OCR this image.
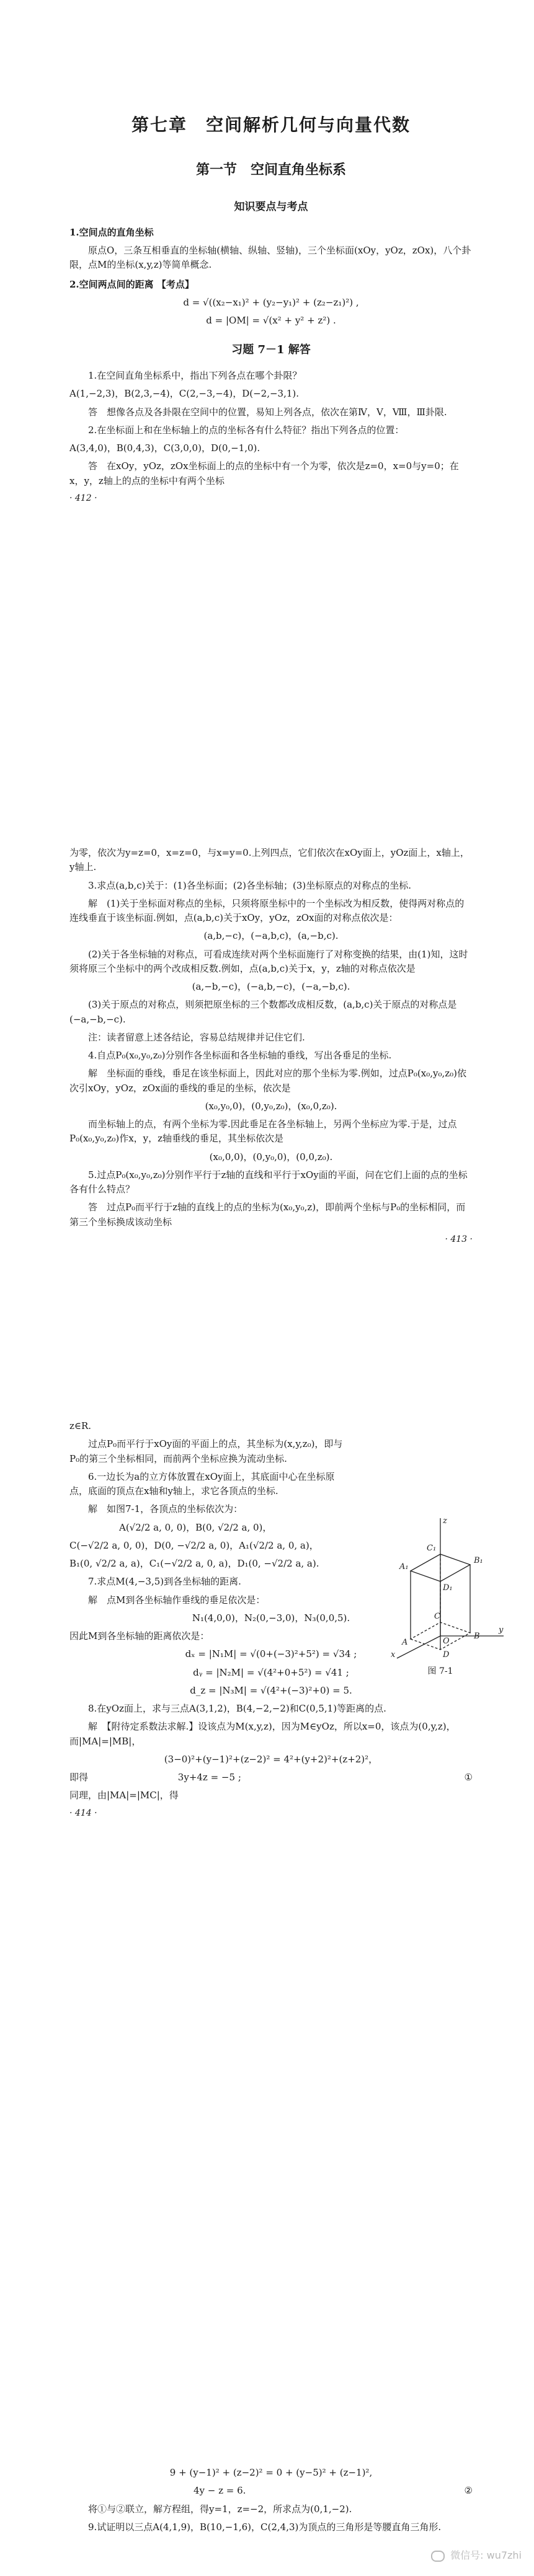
第七章　空间解析几何与向量代数
第一节　空间直角坐标系
知识要点与考点
1.空间点的直角坐标
原点O，三条互相垂直的坐标轴(横轴、纵轴、竖轴)，三个坐标面(xOy，yOz，zOx)，八个卦限，点M的坐标(x,y,z)等简单概念.
2.空间两点间的距离 【考点】
d = √((x₂−x₁)² + (y₂−y₁)² + (z₂−z₁)²) ,
d = |OM| = √(x² + y² + z²) .
习题 7－1 解答
1.在空间直角坐标系中，指出下列各点在哪个卦限？
A(1,−2,3)，B(2,3,−4)，C(2,−3,−4)，D(−2,−3,1).
答　想像各点及各卦限在空间中的位置，易知上列各点，依次在第Ⅳ，Ⅴ，Ⅷ，Ⅲ卦限.
2.在坐标面上和在坐标轴上的点的坐标各有什么特征？指出下列各点的位置：
A(3,4,0)，B(0,4,3)，C(3,0,0)，D(0,−1,0).
答　在xOy，yOz，zOx坐标面上的点的坐标中有一个为零，依次是z=0，x=0与y=0；在x，y，z轴上的点的坐标中有两个坐标
· 412 ·
为零，依次为y=z=0，x=z=0，与x=y=0.上列四点，它们依次在xOy面上，yOz面上，x轴上，y轴上.
3.求点(a,b,c)关于：(1)各坐标面；(2)各坐标轴；(3)坐标原点的对称点的坐标.
解　(1)关于坐标面对称点的坐标，只须将原坐标中的一个坐标改为相反数，使得两对称点的连线垂直于该坐标面.例如，点(a,b,c)关于xOy，yOz，zOx面的对称点依次是：
(a,b,−c)，(−a,b,c)，(a,−b,c).
(2)关于各坐标轴的对称点，可看成连续对两个坐标面施行了对称变换的结果，由(1)知，这时须将原三个坐标中的两个改成相反数.例如，点(a,b,c)关于x，y，z轴的对称点依次是
(a,−b,−c)，(−a,b,−c)，(−a,−b,c).
(3)关于原点的对称点，则须把原坐标的三个数都改成相反数，(a,b,c)关于原点的对称点是(−a,−b,−c).
注：读者留意上述各结论，容易总结规律并记住它们.
4.自点P₀(x₀,y₀,z₀)分别作各坐标面和各坐标轴的垂线，写出各垂足的坐标.
解　坐标面的垂线，垂足在该坐标面上，因此对应的那个坐标为零.例如，过点P₀(x₀,y₀,z₀)依次引xOy，yOz，zOx面的垂线的垂足的坐标，依次是
(x₀,y₀,0)，(0,y₀,z₀)，(x₀,0,z₀).
而坐标轴上的点，有两个坐标为零.因此垂足在各坐标轴上，另两个坐标应为零.于是，过点P₀(x₀,y₀,z₀)作x，y，z轴垂线的垂足，其坐标依次是
(x₀,0,0)，(0,y₀,0)，(0,0,z₀).
5.过点P₀(x₀,y₀,z₀)分别作平行于z轴的直线和平行于xOy面的平面，问在它们上面的点的坐标各有什么特点？
答　过点P₀而平行于z轴的直线上的点的坐标为(x₀,y₀,z)，即前两个坐标与P₀的坐标相同，而第三个坐标换成该动坐标
· 413 ·
z∈R.
过点P₀而平行于xOy面的平面上的点，其坐标为(x,y,z₀)，即与P₀的第三个坐标相同，而前两个坐标应换为流动坐标.
6.一边长为a的立方体放置在xOy面上，其底面中心在坐标原点，底面的顶点在x轴和y轴上，求它各顶点的坐标.
解　如图7-1，各顶点的坐标依次为：
A(√2/2 a, 0, 0)，B(0, √2/2 a, 0)，
C(−√2/2 a, 0, 0)，D(0, −√2/2 a, 0)，A₁(√2/2 a, 0, a)，
B₁(0, √2/2 a, a)，C₁(−√2/2 a, 0, a)，D₁(0, −√2/2 a, a).
7.求点M(4,−3,5)到各坐标轴的距离.
解　点M到各坐标轴作垂线的垂足依次是：
N₁(4,0,0)，N₂(0,−3,0)，N₃(0,0,5).
因此M到各坐标轴的距离依次是：
dₓ = |N₁M| = √(0+(−3)²+5²) = √34 ;
dᵧ = |N₂M| = √(4²+0+5²) = √41 ;
d_z = |N₃M| = √(4²+(−3)²+0) = 5.
8.在yOz面上，求与三点A(3,1,2)，B(4,−2,−2)和C(0,5,1)等距离的点.
解　【附待定系数法求解.】设该点为M(x,y,z)，因为M∈yOz，所以x=0，该点为(0,y,z)，而|MA|=|MB|，
(3−0)²+(y−1)²+(z−2)² = 4²+(y+2)²+(z+2)²，
即得	3y+4z = −5 ;	①
同理，由|MA|=|MC|，得
· 414 ·
z
y
x
O
A
B
C
D
A₁
B₁
C₁
D₁
图 7-1
9 + (y−1)² + (z−2)² = 0 + (y−5)² + (z−1)²,
4y − z = 6.	②
将①与②联立，解方程组，得y=1，z=−2，所求点为(0,1,−2).
9.试证明以三点A(4,1,9)，B(10,−1,6)，C(2,4,3)为顶点的三角形是等腰直角三角形.
微信号: wu7zhi
